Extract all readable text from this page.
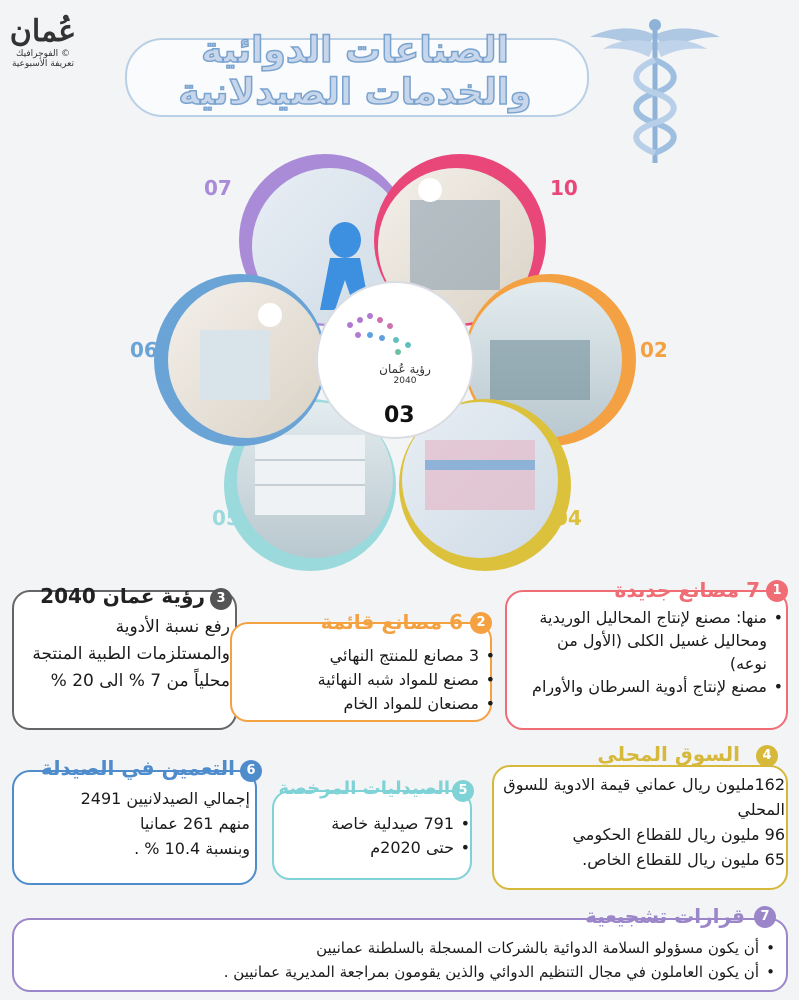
عُمان
الفوجرافيك ©
تعريفة الأسبوعية	الصناعات الدوائية
والخدمات الصيدلانية
رؤية عُمان
2040
03
07	10
02
04
05
06
3
رؤية عمان 2040
رفع نسبة الأدوية والمستلزمات الطبية المنتجة محلياً من 7 % الى 20 %
2
6 مصانع قائمة
• 3 مصانع للمنتج النهائي
• مصنع للمواد شبه النهائية
• مصنعان للمواد الخام
1
7 مصانع جديدة
• منها: مصنع لإنتاج المحاليل الوريدية ومحاليل غسيل الكلى (الأول من نوعه)
• مصنع لإنتاج أدوية السرطان والأورام
6
التعمين في الصيدلة
إجمالي الصيدلانيين 2491
منهم 261 عمانيا
وبنسبة 10.4 % .
5
الصيدليات المرخصة
• 791 صيدلية خاصة
• حتى 2020م
4
السوق المحلي
162مليون ريال عماني قيمة الادوية للسوق المحلي
96 مليون ريال للقطاع الحكومي
65 مليون ريال للقطاع الخاص.
7
قرارات تشجيعية
• أن يكون مسؤولو السلامة الدوائية بالشركات المسجلة بالسلطنة عمانيين
• أن يكون العاملون في مجال التنظيم الدوائي والذين يقومون بمراجعة المديرية عمانيين .
